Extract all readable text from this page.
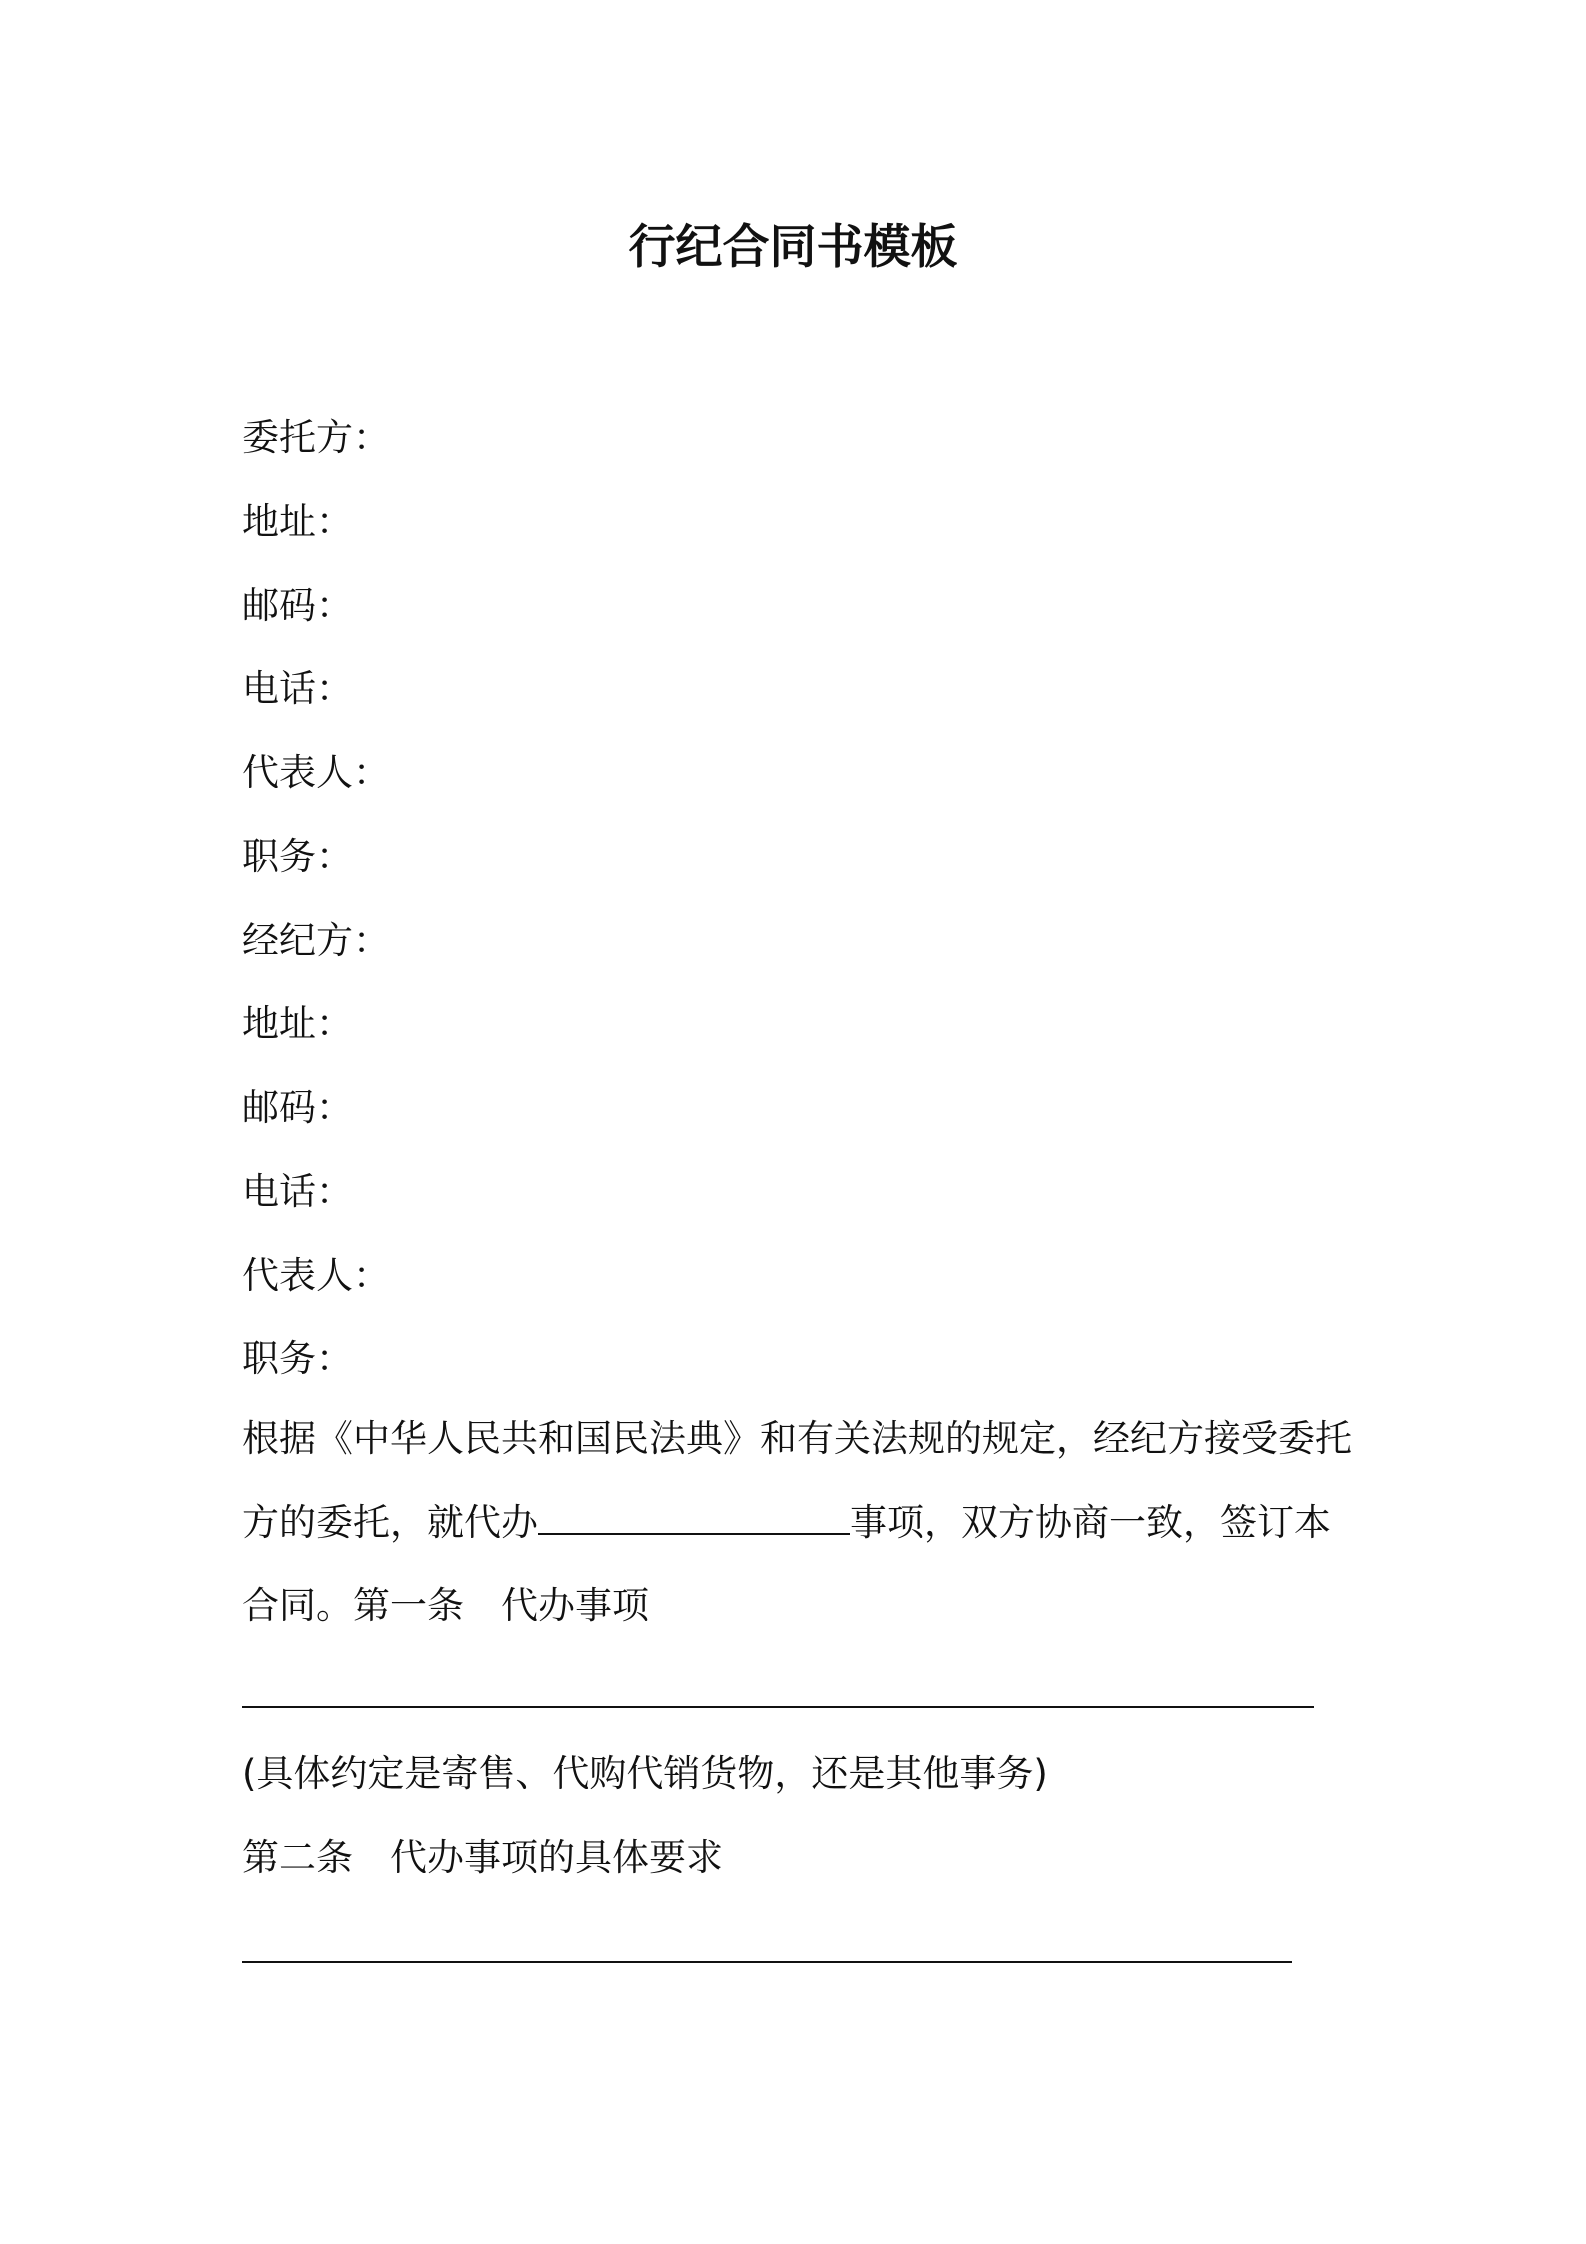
行纪合同书模板

委托方：

地址：

邮码：

电话：

代表人：

职务：

经纪方：

地址：

邮码：

电话：

代表人：

职务：

根据《中华人民共和国民法典》和有关法规的规定，经纪方接受委托

方的委托，就代办	事项，双方协商一致，签订本

合同。第一条　代办事项

(具体约定是寄售、代购代销货物，还是其他事务)

第二条　代办事项的具体要求
